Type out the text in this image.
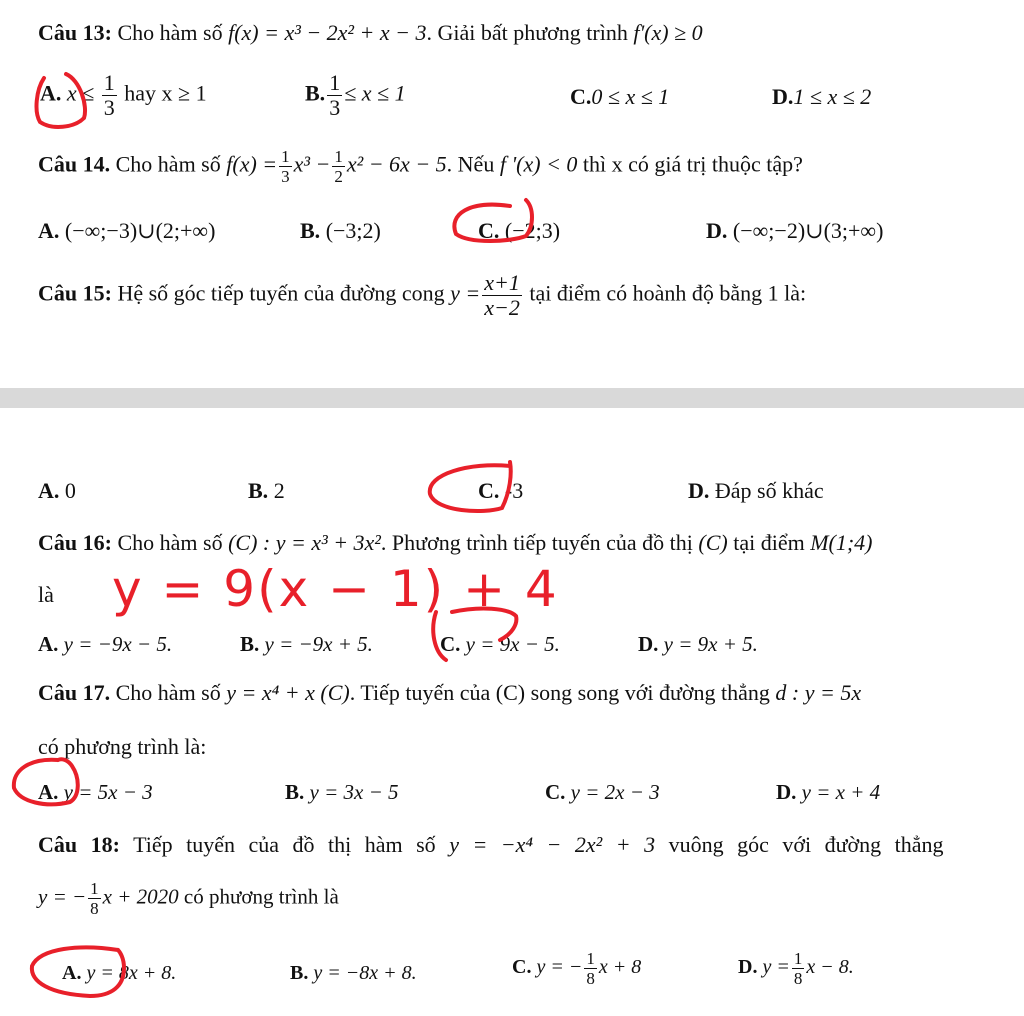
Câu 13: Cho hàm số f(x) = x³ − 2x² + x − 3. Giải bất phương trình f'(x) ≥ 0
A. $x \le \frac{1}{3}$ hay x ≥ 1	B. $\frac{1}{3} \le x \le 1$	C.0 ≤ x ≤ 1	D.1 ≤ x ≤ 2
Câu 14. Cho hàm số $f(x) = \frac{1}{3} x^3 - \frac{1}{2} x^2 - 6x - 5$. Nếu f '(x) < 0 thì x có giá trị thuộc tập?
A. (−∞;−3)∪(2;+∞)	B. (−3;2)	C. (−2;3)	D. (−∞;−2)∪(3;+∞)
Câu 15: Hệ số góc tiếp tuyến của đường cong $y = \frac{x+1}{x-2}$ tại điểm có hoành độ bằng 1 là:
A. 0	B. 2	C. -3	D. Đáp số khác
Câu 16: Cho hàm số (C) : y = x³ + 3x². Phương trình tiếp tuyến của đồ thị (C) tại điểm M(1;4)
là y = 9(x − 1) + 4
A. y = −9x − 5.	B. y = −9x + 5.	C. y = 9x − 5.	D. y = 9x + 5.
Câu 17. Cho hàm số y = x⁴ + x (C). Tiếp tuyến của (C) song song với đường thẳng d : y = 5x
có phương trình là:
A. y = 5x − 3	B. y = 3x − 5	C. y = 2x − 3	D. y = x + 4
Câu 18: Tiếp tuyến của đồ thị hàm số y = −x⁴ − 2x² + 3 vuông góc với đường thẳng
y = − $\frac{1}{8}$ x + 2020 có phương trình là
A. y = 8x + 8.	B. y = −8x + 8.	C. y = − $\frac{1}{8}$ x + 8	D. $y = \frac{1}{8}$ x − 8.
